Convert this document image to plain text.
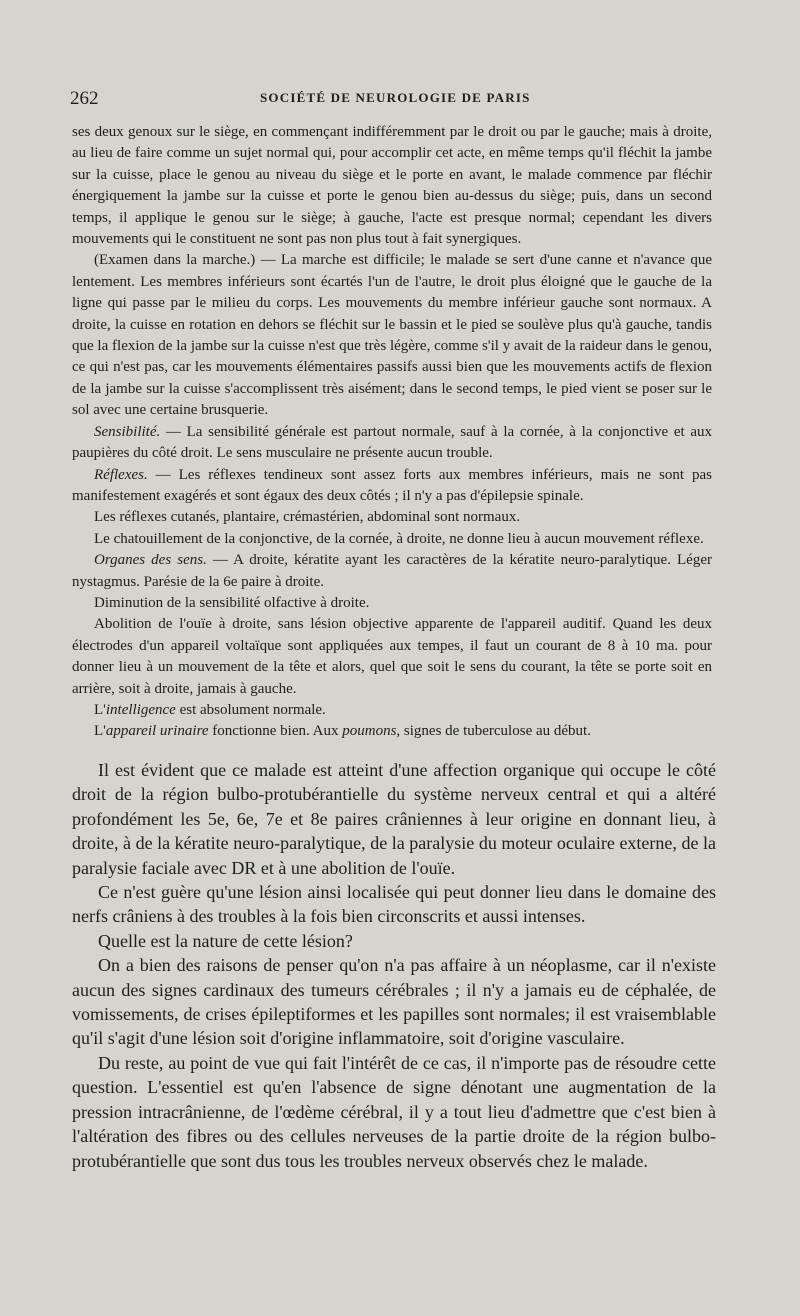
262	SOCIÉTÉ DE NEUROLOGIE DE PARIS

ses deux genoux sur le siège, en commençant indifféremment par le droit ou par le gauche; mais à droite, au lieu de faire comme un sujet normal qui, pour accomplir cet acte, en même temps qu'il fléchit la jambe sur la cuisse, place le genou au niveau du siège et le porte en avant, le malade commence par fléchir énergiquement la jambe sur la cuisse et porte le genou bien au-dessus du siège; puis, dans un second temps, il applique le genou sur le siège; à gauche, l'acte est presque normal; cependant les divers mouvements qui le constituent ne sont pas non plus tout à fait synergiques.

(Examen dans la marche.) — La marche est difficile; le malade se sert d'une canne et n'avance que lentement. Les membres inférieurs sont écartés l'un de l'autre, le droit plus éloigné que le gauche de la ligne qui passe par le milieu du corps. Les mouvements du membre inférieur gauche sont normaux. A droite, la cuisse en rotation en dehors se fléchit sur le bassin et le pied se soulève plus qu'à gauche, tandis que la flexion de la jambe sur la cuisse n'est que très légère, comme s'il y avait de la raideur dans le genou, ce qui n'est pas, car les mouvements élémentaires passifs aussi bien que les mouvements actifs de flexion de la jambe sur la cuisse s'accomplissent très aisément; dans le second temps, le pied vient se poser sur le sol avec une certaine brusquerie.

Sensibilité. — La sensibilité générale est partout normale, sauf à la cornée, à la conjonctive et aux paupières du côté droit. Le sens musculaire ne présente aucun trouble.

Réflexes. — Les réflexes tendineux sont assez forts aux membres inférieurs, mais ne sont pas manifestement exagérés et sont égaux des deux côtés ; il n'y a pas d'épilepsie spinale.

Les réflexes cutanés, plantaire, crémastérien, abdominal sont normaux.

Le chatouillement de la conjonctive, de la cornée, à droite, ne donne lieu à aucun mouvement réflexe.

Organes des sens. — A droite, kératite ayant les caractères de la kératite neuro-paralytique. Léger nystagmus. Parésie de la 6e paire à droite.

Diminution de la sensibilité olfactive à droite.

Abolition de l'ouïe à droite, sans lésion objective apparente de l'appareil auditif. Quand les deux électrodes d'un appareil voltaïque sont appliquées aux tempes, il faut un courant de 8 à 10 ma. pour donner lieu à un mouvement de la tête et alors, quel que soit le sens du courant, la tête se porte soit en arrière, soit à droite, jamais à gauche.

L'intelligence est absolument normale.

L'appareil urinaire fonctionne bien. Aux poumons, signes de tuberculose au début.

Il est évident que ce malade est atteint d'une affection organique qui occupe le côté droit de la région bulbo-protubérantielle du système nerveux central et qui a altéré profondément les 5e, 6e, 7e et 8e paires crâniennes à leur origine en donnant lieu, à droite, à de la kératite neuro-paralytique, de la paralysie du moteur oculaire externe, de la paralysie faciale avec DR et à une abolition de l'ouïe.

Ce n'est guère qu'une lésion ainsi localisée qui peut donner lieu dans le domaine des nerfs crâniens à des troubles à la fois bien circonscrits et aussi intenses.

Quelle est la nature de cette lésion?

On a bien des raisons de penser qu'on n'a pas affaire à un néoplasme, car il n'existe aucun des signes cardinaux des tumeurs cérébrales ; il n'y a jamais eu de céphalée, de vomissements, de crises épileptiformes et les papilles sont normales; il est vraisemblable qu'il s'agit d'une lésion soit d'origine inflammatoire, soit d'origine vasculaire.

Du reste, au point de vue qui fait l'intérêt de ce cas, il n'importe pas de résoudre cette question. L'essentiel est qu'en l'absence de signe dénotant une augmentation de la pression intracrânienne, de l'œdème cérébral, il y a tout lieu d'admettre que c'est bien à l'altération des fibres ou des cellules nerveuses de la partie droite de la région bulbo-protubérantielle que sont dus tous les troubles nerveux observés chez le malade.
